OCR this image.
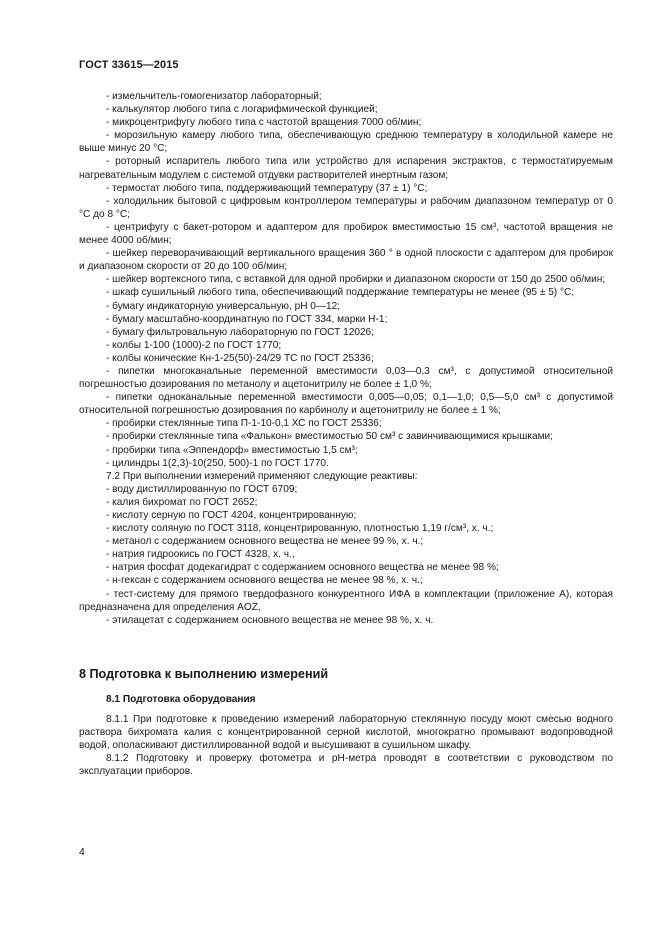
ГОСТ 33615—2015

- измельчитель-гомогенизатор лабораторный;

- калькулятор любого типа с логарифмической функцией;

- микроцентрифугу любого типа с частотой вращения 7000 об/мин;

- морозильную камеру любого типа, обеспечивающую среднюю температуру в холодильной камере не выше минус 20 °С;

- роторный испаритель любого типа или устройство для испарения экстрактов, с термостатируемым нагревательным модулем с системой отдувки растворителей инертным газом;

- термостат любого типа, поддерживающий температуру (37 ± 1) °С;

- холодильник бытовой с цифровым контроллером температуры и рабочим диапазоном температур от 0 °С до 8 °С;

- центрифугу с бакет-ротором и адаптером для пробирок вместимостью 15 см³, частотой вращения не менее 4000 об/мин;

- шейкер переворачивающий вертикального вращения 360 ° в одной плоскости с адаптером для пробирок и диапазоном скорости от 20 до 100 об/мин;

- шейкер вортексного типа, с вставкой для одной пробирки и диапазоном скорости от 150 до 2500 об/мин;

- шкаф сушильный любого типа, обеспечивающий поддержание температуры не менее (95 ± 5) °С;

- бумагу индикаторную универсальную, рН 0—12;

- бумагу масштабно-координатную по ГОСТ 334, марки Н-1;

- бумагу фильтровальную лабораторную по ГОСТ 12026;

- колбы 1-100 (1000)-2 по ГОСТ 1770;

- колбы конические Кн-1-25(50)-24/29 ТС по ГОСТ 25336;

- пипетки многоканальные переменной вместимости 0,03—0,3 см³, с допустимой относительной погрешностью дозирования по метанолу и ацетонитрилу не более ± 1,0 %;

- пипетки одноканальные переменной вместимости 0,005—0,05; 0,1—1,0; 0,5—5,0 см³ с допустимой относительной погрешностью дозирования по карбинолу и ацетонитрилу не более ± 1 %;

- пробирки стеклянные типа П-1-10-0,1 ХС по ГОСТ 25336;

- пробирки стеклянные типа «Фалькон» вместимостью 50 см³ с завинчивающимися крышками;

- пробирки типа «Эппендорф» вместимостью 1,5 см³;

- цилиндры 1(2,3)-10(250, 500)-1 по ГОСТ 1770.

7.2 При выполнении измерений применяют следующие реактивы:

- воду дистиллированную по ГОСТ 6709;

- калия бихромат по ГОСТ 2652;

- кислоту серную по ГОСТ 4204, концентрированную;

- кислоту соляную по ГОСТ 3118, концентрированную, плотностью 1,19 г/см³, х. ч.;

- метанол с содержанием основного вещества не менее 99 %, х. ч.;

- натрия гидроокись по ГОСТ 4328, х. ч.,

- натрия фосфат додекагидрат с содержанием основного вещества не менее 98 %;

- н-гексан с содержанием основного вещества не менее 98 %, х. ч.;

- тест-систему для прямого твердофазного конкурентного ИФА в комплектации (приложение А), которая предназначена для определения AOZ,

- этилацетат с содержанием основного вещества не менее 98 %, х. ч.

8 Подготовка к выполнению измерений
8.1 Подготовка оборудования

8.1.1 При подготовке к проведению измерений лабораторную стеклянную посуду моют смесью водного раствора бихромата калия с концентрированной серной кислотой, многократно промывают водопроводной водой, ополаскивают дистиллированной водой и высушивают в сушильном шкафу.

8.1.2 Подготовку и проверку фотометра и рН-метра проводят в соответствии с руководством по эксплуатации приборов.

4
